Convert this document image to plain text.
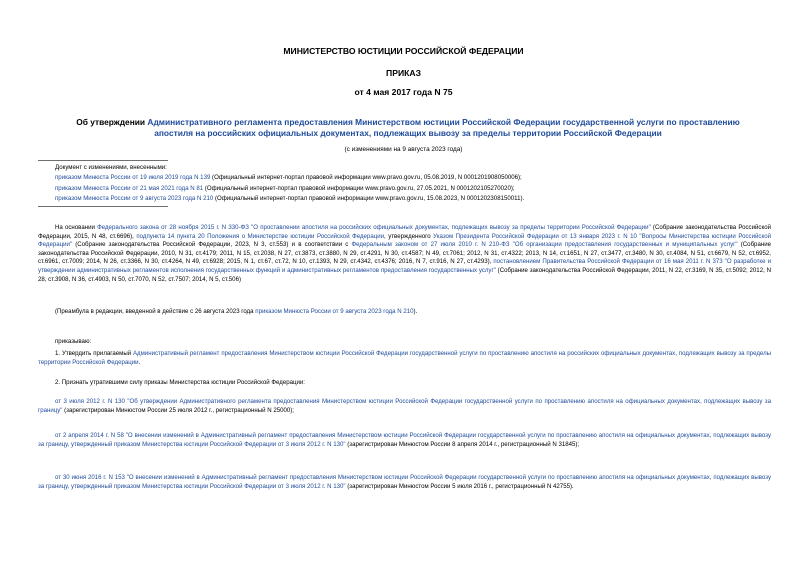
МИНИСТЕРСТВО ЮСТИЦИИ РОССИЙСКОЙ ФЕДЕРАЦИИ
ПРИКАЗ
от 4 мая 2017 года N 75
Об утверждении Административного регламента предоставления Министерством юстиции Российской Федерации государственной услуги по проставлению апостиля на российских официальных документах, подлежащих вывозу за пределы территории Российской Федерации
(с изменениями на 9 августа 2023 года)
Документ с изменениями, внесенными:
приказом Минюста России от 19 июля 2019 года N 139 (Официальный интернет-портал правовой информации www.pravo.gov.ru, 05.08.2019, N 0001201908050006);
приказом Минюста России от 21 мая 2021 года N 81 (Официальный интернет-портал правовой информации www.pravo.gov.ru, 27.05.2021, N 0001202105270020);
приказом Минюста России от 9 августа 2023 года N 210 (Официальный интернет-портал правовой информации www.pravo.gov.ru, 15.08.2023, N 0001202308150011).
На основании Федерального закона от 28 ноября 2015 г. N 330-ФЗ "О проставлении апостиля на российских официальных документах, подлежащих вывозу за пределы территории Российской Федерации" (Собрание законодательства Российской Федерации, 2015, N 48, ст.6696), подпункта 14 пункта 20 Положения о Министерстве юстиции Российской Федерации, утвержденного Указом Президента Российской Федерации от 13 января 2023 г. N 10 "Вопросы Министерства юстиции Российской Федерации" (Собрание законодательства Российской Федерации, 2023, N 3, ст.553) и в соответствии с Федеральным законом от 27 июля 2010 г. N 210-ФЗ "Об организации предоставления государственных и муниципальных услуг" (Собрание законодательства Российской Федерации, 2010, N 31, ст.4179; 2011, N 15, ст.2038, N 27, ст.3873, ст.3880, N 29, ст.4291, N 30, ст.4587; N 49, ст.7061; 2012, N 31, ст.4322; 2013, N 14, ст.1651, N 27, ст.3477, ст.3480, N 30, ст.4084, N 51, ст.6679, N 52, ст.6952, ст.6961, ст.7009; 2014, N 26, ст.3366, N 30, ст.4264, N 49, ст.6928; 2015, N 1, ст.67, ст.72, N 10, ст.1393, N 29, ст.4342, ст.4376; 2016, N 7, ст.916, N 27, ст.4293), постановлением Правительства Российской Федерации от 16 мая 2011 г. N 373 "О разработке и утверждении административных регламентов исполнения государственных функций и административных регламентов предоставления государственных услуг" (Собрание законодательства Российской Федерации, 2011, N 22, ст.3169, N 35, ст.5092; 2012, N 28, ст.3908, N 36, ст.4903, N 50, ст.7070, N 52, ст.7507; 2014, N 5, ст.506)
(Преамбула в редакции, введенной в действие с 26 августа 2023 года приказом Минюста России от 9 августа 2023 года N 210).
приказываю:
1. Утвердить прилагаемый Административный регламент предоставления Министерством юстиции Российской Федерации государственной услуги по проставлению апостиля на российских официальных документах, подлежащих вывозу за пределы территории Российской Федерации.
2. Признать утратившими силу приказы Министерства юстиции Российской Федерации:
от 3 июля 2012 г. N 130 "Об утверждении Административного регламента предоставления Министерством юстиции Российской Федерации государственной услуги по проставлению апостиля на официальных документах, подлежащих вывозу за границу" (зарегистрирован Минюстом России 25 июля 2012 г., регистрационный N 25000);
от 2 апреля 2014 г. N 58 "О внесении изменений в Административный регламент предоставления Министерством юстиции Российской Федерации государственной услуги по проставлению апостиля на официальных документах, подлежащих вывозу за границу, утвержденный приказом Министерства юстиции Российской Федерации от 3 июля 2012 г. N 130" (зарегистрирован Минюстом России 8 апреля 2014 г., регистрационный N 31845);
от 30 июня 2016 г. N 153 "О внесении изменений в Административный регламент предоставления Министерством юстиции Российской Федерации государственной услуги по проставлению апостиля на официальных документах, подлежащих вывозу за границу, утвержденный приказом Министерства юстиции Российской Федерации от 3 июля 2012 г. N 130" (зарегистрирован Минюстом России 5 июля 2016 г., регистрационный N 42755).
